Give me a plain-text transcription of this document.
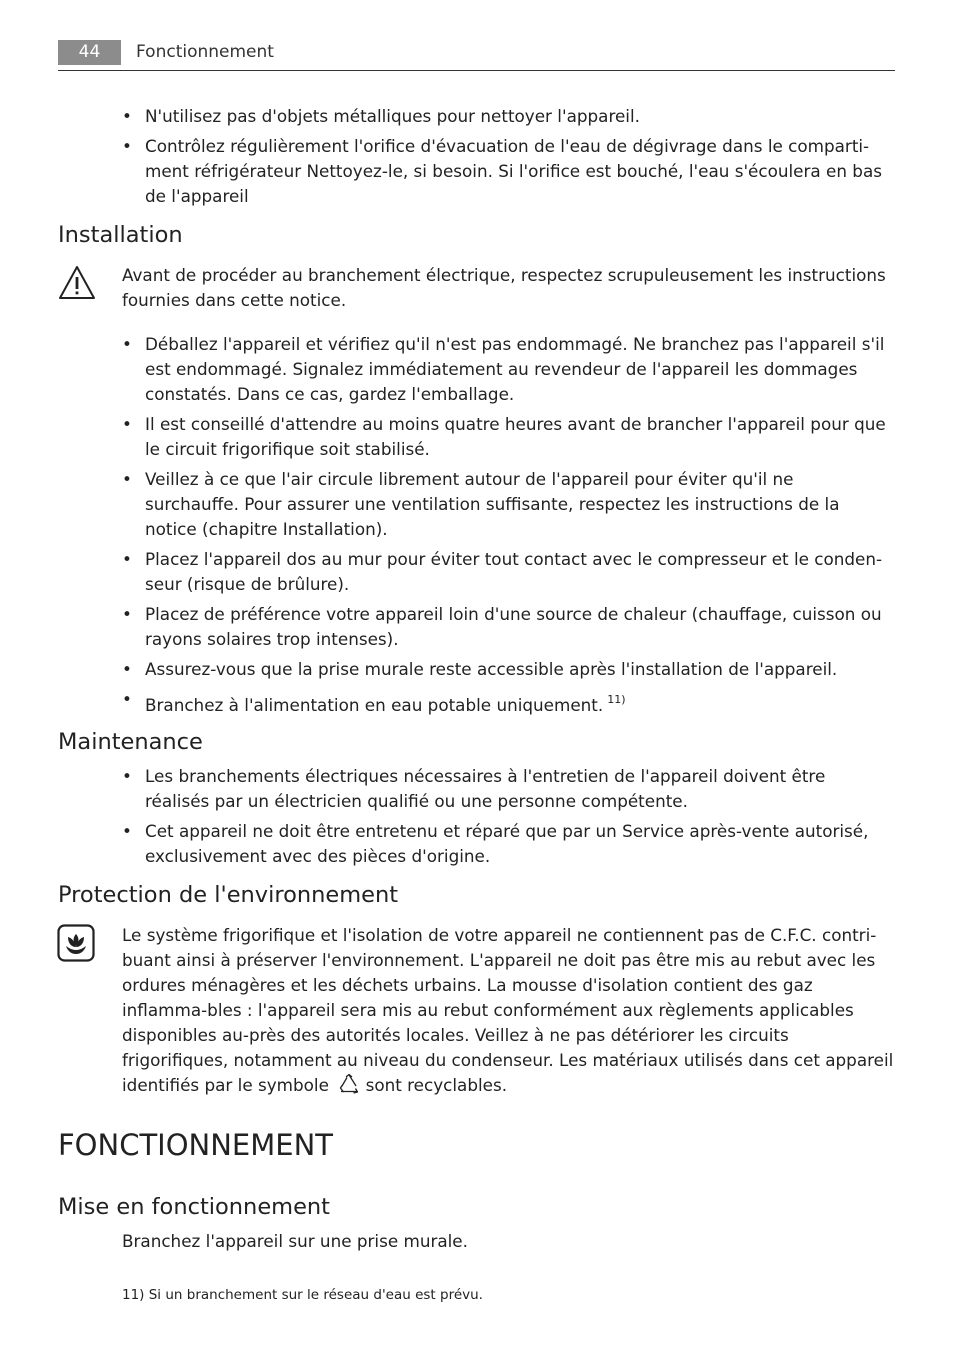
44	Fonctionnement
• N'utilisez pas d'objets métalliques pour nettoyer l'appareil.
• Contrôlez régulièrement l'orifice d'évacuation de l'eau de dégivrage dans le comparti-ment réfrigérateur Nettoyez-le, si besoin. Si l'orifice est bouché, l'eau s'écoulera en bas de l'appareil
Installation

Avant de procéder au branchement électrique, respectez scrupuleusement les instructions fournies dans cette notice.

• Déballez l'appareil et vérifiez qu'il n'est pas endommagé. Ne branchez pas l'appareil s'il est endommagé. Signalez immédiatement au revendeur de l'appareil les dommages constatés. Dans ce cas, gardez l'emballage.
• Il est conseillé d'attendre au moins quatre heures avant de brancher l'appareil pour que le circuit frigorifique soit stabilisé.
• Veillez à ce que l'air circule librement autour de l'appareil pour éviter qu'il ne surchauffe. Pour assurer une ventilation suffisante, respectez les instructions de la notice (chapitre Installation).
• Placez l'appareil dos au mur pour éviter tout contact avec le compresseur et le conden-seur (risque de brûlure).
• Placez de préférence votre appareil loin d'une source de chaleur (chauffage, cuisson ou rayons solaires trop intenses).
• Assurez-vous que la prise murale reste accessible après l'installation de l'appareil.
• Branchez à l'alimentation en eau potable uniquement. $^{11)}$
Maintenance
• Les branchements électriques nécessaires à l'entretien de l'appareil doivent être réalisés par un électricien qualifié ou une personne compétente.
• Cet appareil ne doit être entretenu et réparé que par un Service après-vente autorisé, exclusivement avec des pièces d'origine.
Protection de l'environnement

Le système frigorifique et l'isolation de votre appareil ne contiennent pas de C.F.C. contri-buant ainsi à préserver l'environnement. L'appareil ne doit pas être mis au rebut avec les ordures ménagères et les déchets urbains. La mousse d'isolation contient des gaz inflamma-bles : l'appareil sera mis au rebut conformément aux règlements applicables disponibles au-près des autorités locales. Veillez à ne pas détériorer les circuits frigorifiques, notamment au niveau du condenseur. Les matériaux utilisés dans cet appareil identifiés par le symbole sont recyclables.

FONCTIONNEMENT
Mise en fonctionnement

Branchez l'appareil sur une prise murale.

11) Si un branchement sur le réseau d'eau est prévu.
